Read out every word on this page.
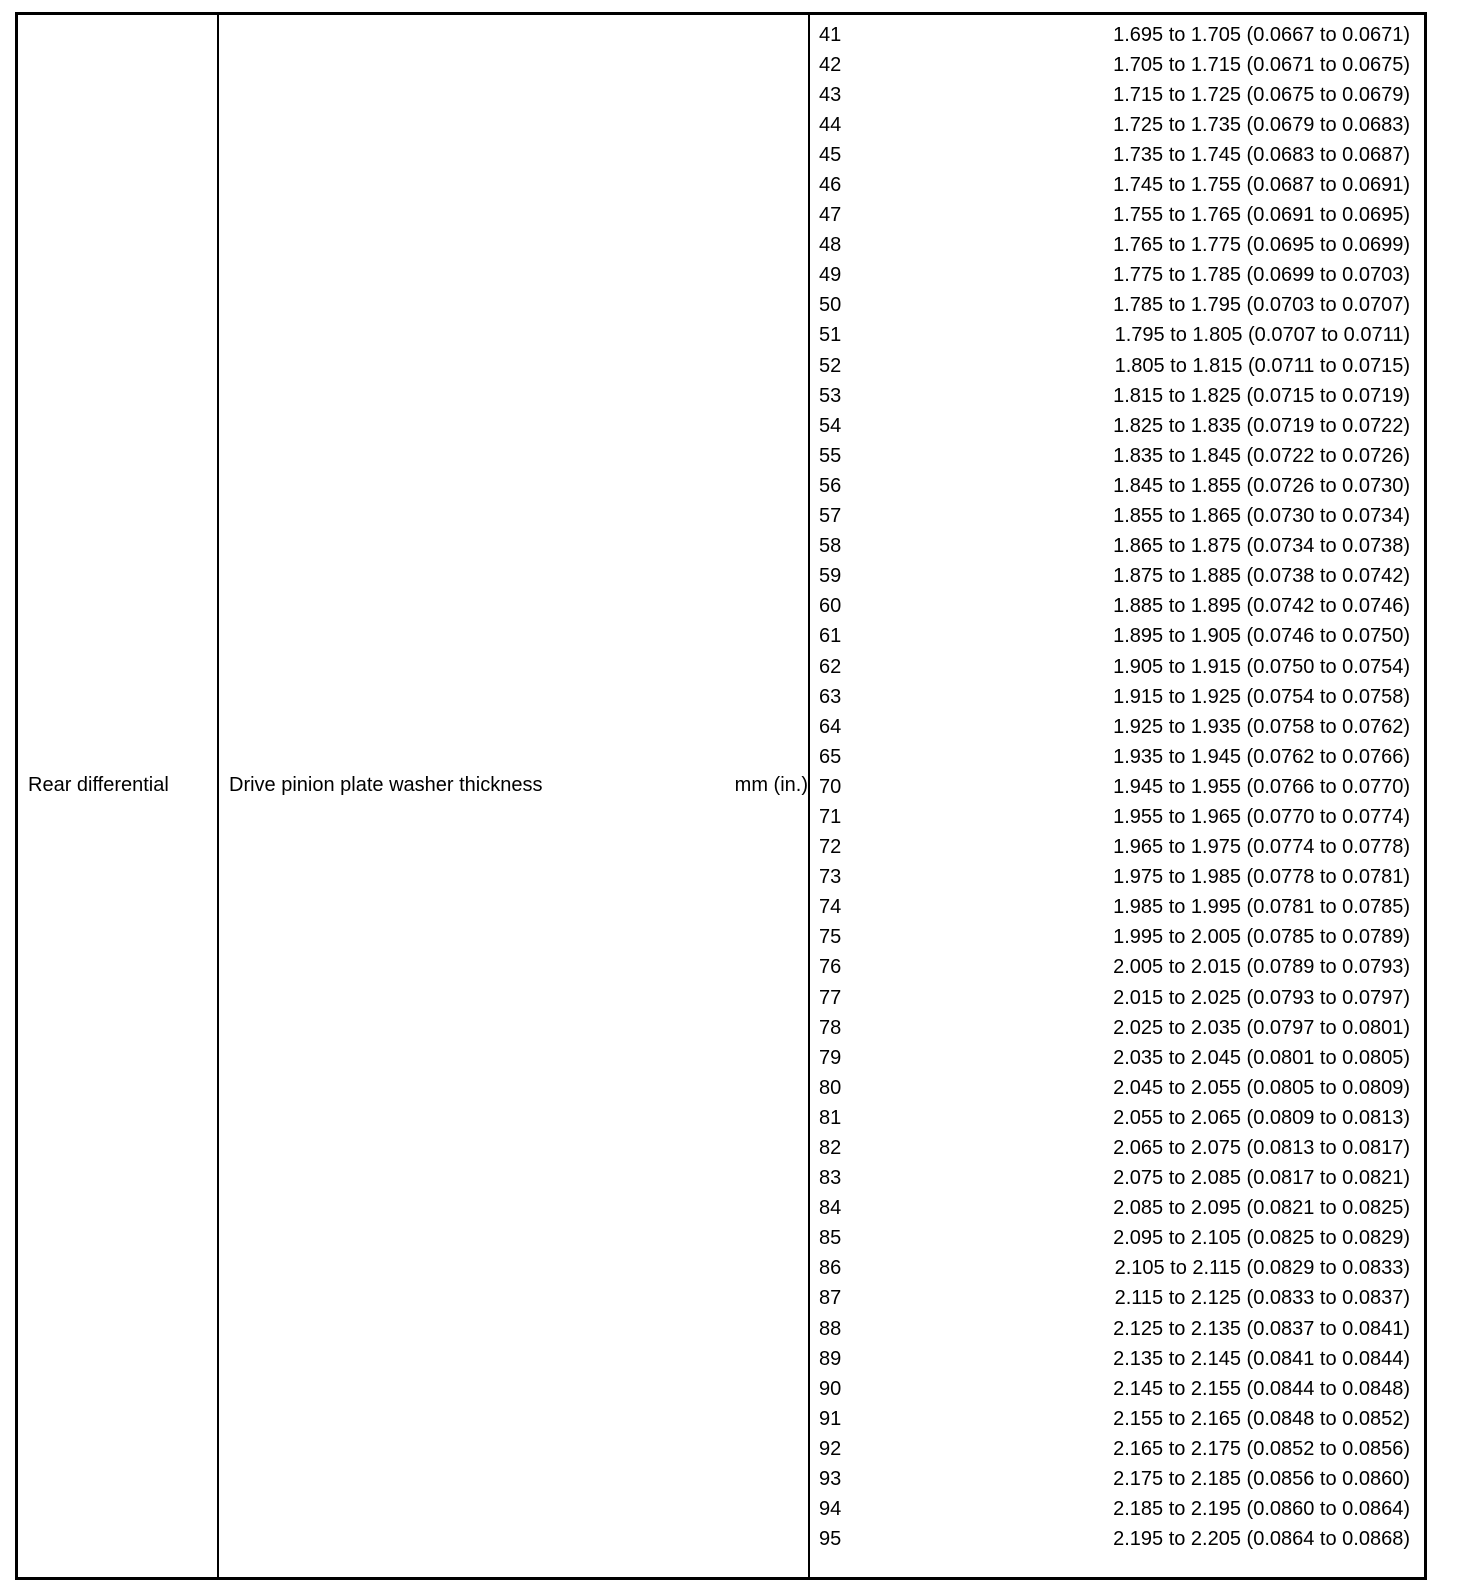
Rear differential	Drive pinion plate washer thickness	mm (in.)
41	1.695 to 1.705 (0.0667 to 0.0671)
42	1.705 to 1.715 (0.0671 to 0.0675)
43	1.715 to 1.725 (0.0675 to 0.0679)
44	1.725 to 1.735 (0.0679 to 0.0683)
45	1.735 to 1.745 (0.0683 to 0.0687)
46	1.745 to 1.755 (0.0687 to 0.0691)
47	1.755 to 1.765 (0.0691 to 0.0695)
48	1.765 to 1.775 (0.0695 to 0.0699)
49	1.775 to 1.785 (0.0699 to 0.0703)
50	1.785 to 1.795 (0.0703 to 0.0707)
51	1.795 to 1.805 (0.0707 to 0.0711)
52	1.805 to 1.815 (0.0711 to 0.0715)
53	1.815 to 1.825 (0.0715 to 0.0719)
54	1.825 to 1.835 (0.0719 to 0.0722)
55	1.835 to 1.845 (0.0722 to 0.0726)
56	1.845 to 1.855 (0.0726 to 0.0730)
57	1.855 to 1.865 (0.0730 to 0.0734)
58	1.865 to 1.875 (0.0734 to 0.0738)
59	1.875 to 1.885 (0.0738 to 0.0742)
60	1.885 to 1.895 (0.0742 to 0.0746)
61	1.895 to 1.905 (0.0746 to 0.0750)
62	1.905 to 1.915 (0.0750 to 0.0754)
63	1.915 to 1.925 (0.0754 to 0.0758)
64	1.925 to 1.935 (0.0758 to 0.0762)
65	1.935 to 1.945 (0.0762 to 0.0766)
70	1.945 to 1.955 (0.0766 to 0.0770)
71	1.955 to 1.965 (0.0770 to 0.0774)
72	1.965 to 1.975 (0.0774 to 0.0778)
73	1.975 to 1.985 (0.0778 to 0.0781)
74	1.985 to 1.995 (0.0781 to 0.0785)
75	1.995 to 2.005 (0.0785 to 0.0789)
76	2.005 to 2.015 (0.0789 to 0.0793)
77	2.015 to 2.025 (0.0793 to 0.0797)
78	2.025 to 2.035 (0.0797 to 0.0801)
79	2.035 to 2.045 (0.0801 to 0.0805)
80	2.045 to 2.055 (0.0805 to 0.0809)
81	2.055 to 2.065 (0.0809 to 0.0813)
82	2.065 to 2.075 (0.0813 to 0.0817)
83	2.075 to 2.085 (0.0817 to 0.0821)
84	2.085 to 2.095 (0.0821 to 0.0825)
85	2.095 to 2.105 (0.0825 to 0.0829)
86	2.105 to 2.115 (0.0829 to 0.0833)
87	2.115 to 2.125 (0.0833 to 0.0837)
88	2.125 to 2.135 (0.0837 to 0.0841)
89	2.135 to 2.145 (0.0841 to 0.0844)
90	2.145 to 2.155 (0.0844 to 0.0848)
91	2.155 to 2.165 (0.0848 to 0.0852)
92	2.165 to 2.175 (0.0852 to 0.0856)
93	2.175 to 2.185 (0.0856 to 0.0860)
94	2.185 to 2.195 (0.0860 to 0.0864)
95	2.195 to 2.205 (0.0864 to 0.0868)
